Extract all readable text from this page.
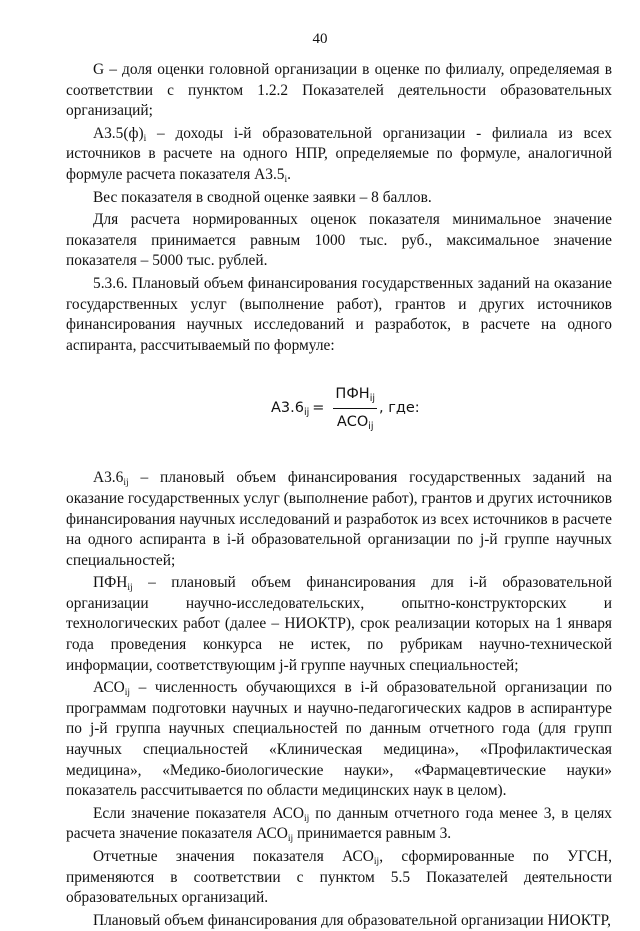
40

G – доля оценки головной организации в оценке по филиалу, определяемая в соответствии с пунктом 1.2.2 Показателей деятельности образовательных организаций;

$А3.5(ф)_i$ – доходы i-й образовательной организации - филиала из всех источников в расчете на одного НПР, определяемые по формуле, аналогичной формуле расчета показателя $А3.5_i$.

Вес показателя в сводной оценке заявки – 8 баллов.

Для расчета нормированных оценок показателя минимальное значение показателя принимается равным 1000 тыс. руб., максимальное значение показателя – 5000 тыс. рублей.

5.3.6. Плановый объем финансирования государственных заданий на оказание государственных услуг (выполнение работ), грантов и других источников финансирования научных исследований и разработок, в расчете на одного аспиранта, рассчитываемый по формуле:

$А3.6_{ij} = \frac{ПФН_{ij}}{АСО_{ij}}$ , где:

$А3.6_{ij}$ – плановый объем финансирования государственных заданий на оказание государственных услуг (выполнение работ), грантов и других источников финансирования научных исследований и разработок из всех источников в расчете на одного аспиранта в i-й образовательной организации по j-й группе научных специальностей;

$ПФН_{ij}$ – плановый объем финансирования для i-й образовательной организации научно-исследовательских, опытно-конструкторских и технологических работ (далее – НИОКТР), срок реализации которых на 1 января года проведения конкурса не истек, по рубрикам научно-технической информации, соответствующим j-й группе научных специальностей;

$АСО_{ij}$ – численность обучающихся в i-й образовательной организации по программам подготовки научных и научно-педагогических кадров в аспирантуре по j-й группа научных специальностей по данным отчетного года (для групп научных специальностей «Клиническая медицина», «Профилактическая медицина», «Медико-биологические науки», «Фармацевтические науки» показатель рассчитывается по области медицинских наук в целом).

Если значение показателя $АСО_{ij}$ по данным отчетного года менее 3, в целях расчета значение показателя $АСО_{ij}$ принимается равным 3.

Отчетные значения показателя $АСО_{ij}$, сформированные по УГСН, применяются в соответствии с пунктом 5.5 Показателей деятельности образовательных организаций.

Плановый объем финансирования для образовательной организации НИОКТР,
